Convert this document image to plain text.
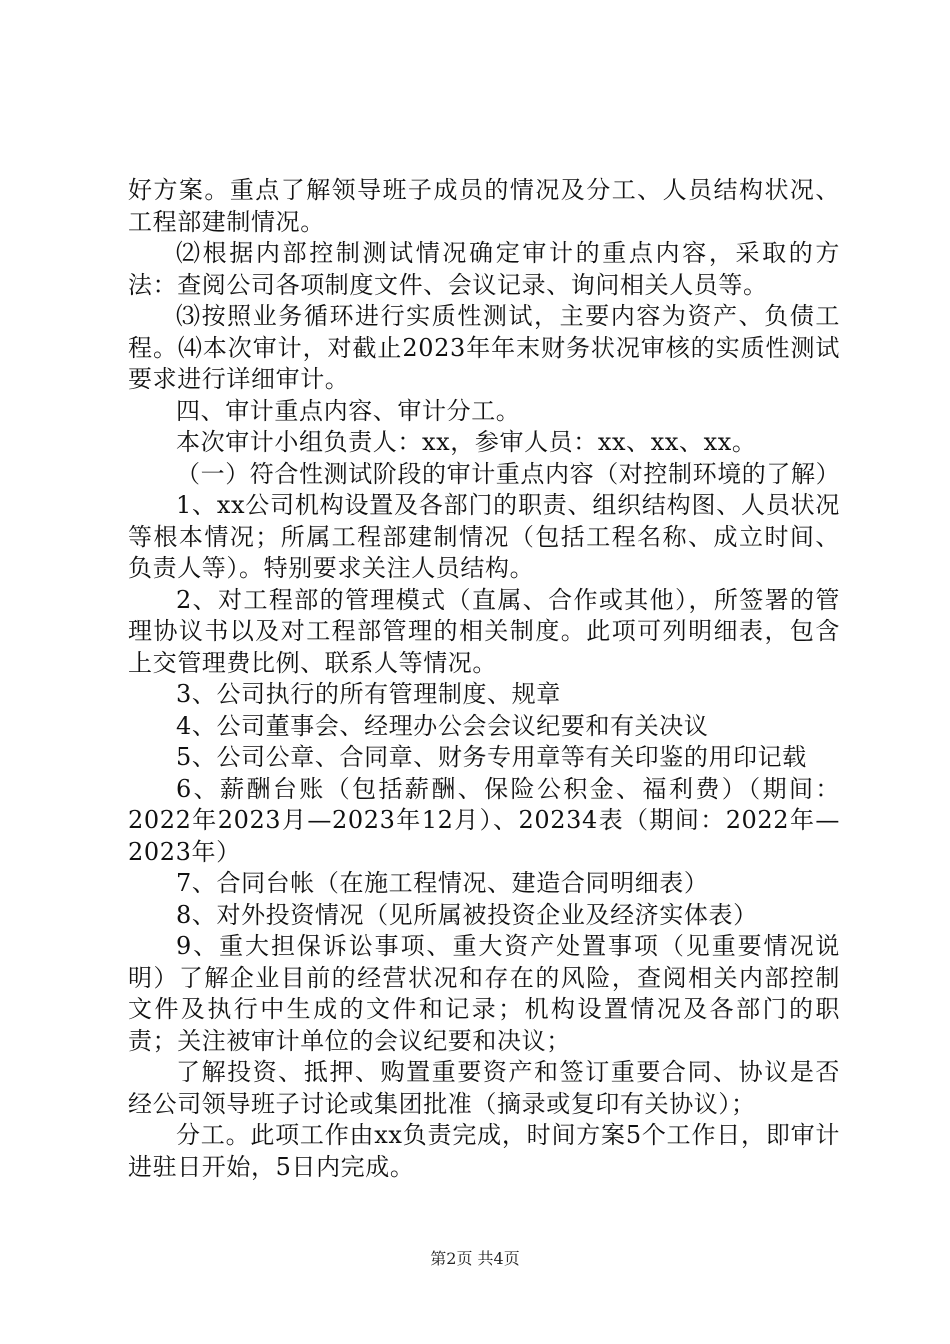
好方案。重点了解领导班子成员的情况及分工、人员结构状况、工程部建制情况。

⑵根据内部控制测试情况确定审计的重点内容，采取的方法：查阅公司各项制度文件、会议记录、询问相关人员等。

⑶按照业务循环进行实质性测试，主要内容为资产、负债工程。⑷本次审计，对截止2023年年末财务状况审核的实质性测试要求进行详细审计。

四、审计重点内容、审计分工。

本次审计小组负责人：xx，参审人员：xx、xx、xx。

（一）符合性测试阶段的审计重点内容（对控制环境的了解）

1、xx公司机构设置及各部门的职责、组织结构图、人员状况等根本情况；所属工程部建制情况（包括工程名称、成立时间、负责人等）。特别要求关注人员结构。

2、对工程部的管理模式（直属、合作或其他），所签署的管理协议书以及对工程部管理的相关制度。此项可列明细表，包含上交管理费比例、联系人等情况。

3、公司执行的所有管理制度、规章

4、公司董事会、经理办公会会议纪要和有关决议

5、公司公章、合同章、财务专用章等有关印鉴的用印记载

6、薪酬台账（包括薪酬、保险公积金、福利费）（期间：2022年2023月—2023年12月）、20234表（期间：2022年—2023年）

7、合同台帐（在施工程情况、建造合同明细表）

8、对外投资情况（见所属被投资企业及经济实体表）

9、重大担保诉讼事项、重大资产处置事项（见重要情况说明）了解企业目前的经营状况和存在的风险，查阅相关内部控制文件及执行中生成的文件和记录；机构设置情况及各部门的职责；关注被审计单位的会议纪要和决议；

了解投资、抵押、购置重要资产和签订重要合同、协议是否经公司领导班子讨论或集团批准（摘录或复印有关协议）；

分工。此项工作由xx负责完成，时间方案5个工作日，即审计进驻日开始，5日内完成。

第2页 共4页
